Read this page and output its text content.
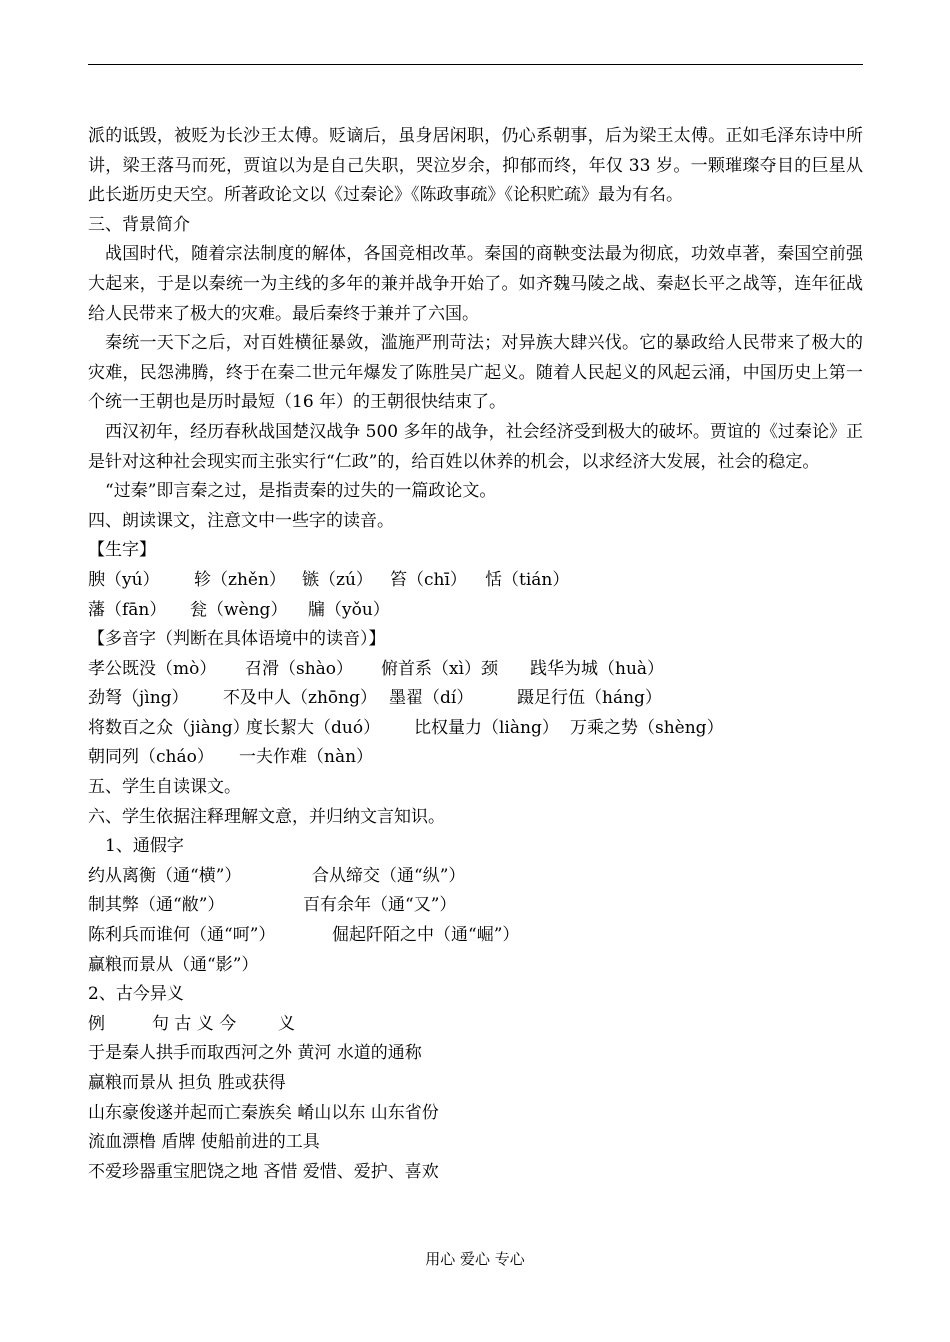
派的诋毁，被贬为长沙王太傅。贬谪后，虽身居闲职，仍心系朝事，后为梁王太傅。正如毛泽东诗中所讲，梁王落马而死，贾谊以为是自己失职，哭泣岁余，抑郁而终，年仅 33 岁。一颗璀璨夺目的巨星从此长逝历史天空。所著政论文以《过秦论》《陈政事疏》《论积贮疏》最为有名。

三、背景简介

战国时代，随着宗法制度的解体，各国竞相改革。秦国的商鞅变法最为彻底，功效卓著，秦国空前强大起来，于是以秦统一为主线的多年的兼并战争开始了。如齐魏马陵之战、秦赵长平之战等，连年征战给人民带来了极大的灾难。最后秦终于兼并了六国。

秦统一天下之后，对百姓横征暴敛，滥施严刑苛法；对异族大肆兴伐。它的暴政给人民带来了极大的灾难，民怨沸腾，终于在秦二世元年爆发了陈胜吴广起义。随着人民起义的风起云涌，中国历史上第一个统一王朝也是历时最短（16 年）的王朝很快结束了。

西汉初年，经历春秋战国楚汉战争 500 多年的战争，社会经济受到极大的破坏。贾谊的《过秦论》正是针对这种社会现实而主张实行“仁政”的，给百姓以休养的机会，以求经济大发展，社会的稳定。

“过秦”即言秦之过，是指责秦的过失的一篇政论文。

四、朗读课文，注意文中一些字的读音。

【生字】

腴（yú） 轸（zhěn） 镞（zú） 笞（chī） 恬（tián）

藩（fān） 瓮（wèng） 牖（yǒu）

【多音字（判断在具体语境中的读音）】

孝公既没（mò） 召滑（shào） 俯首系（xì）颈 践华为城（huà）

劲弩（jìng） 不及中人（zhōng） 墨翟（dí）	蹑足行伍（háng）

将数百之众（jiàng）度长絜大（duó） 比权量力（liàng） 万乘之势（shèng）

朝同列（cháo） 一夫作难（nàn）

五、学生自读课文。

六、学生依据注释理解文意，并归纳文言知识。

1、通假字

约从离衡（通“横”）	合从缔交（通“纵”）

制其弊（通“敝”）	百有余年（通“又”）

陈利兵而谁何（通“呵”）	倔起阡陌之中（通“崛”）

赢粮而景从（通“影”）

2、古今异义

例	句 古 义 今 义

于是秦人拱手而取西河之外 黄河 水道的通称

赢粮而景从 担负 胜或获得

山东豪俊遂并起而亡秦族矣 崤山以东 山东省份

流血漂橹 盾牌 使船前进的工具

不爱珍器重宝肥饶之地 吝惜 爱惜、爱护、喜欢

用心 爱心 专心
